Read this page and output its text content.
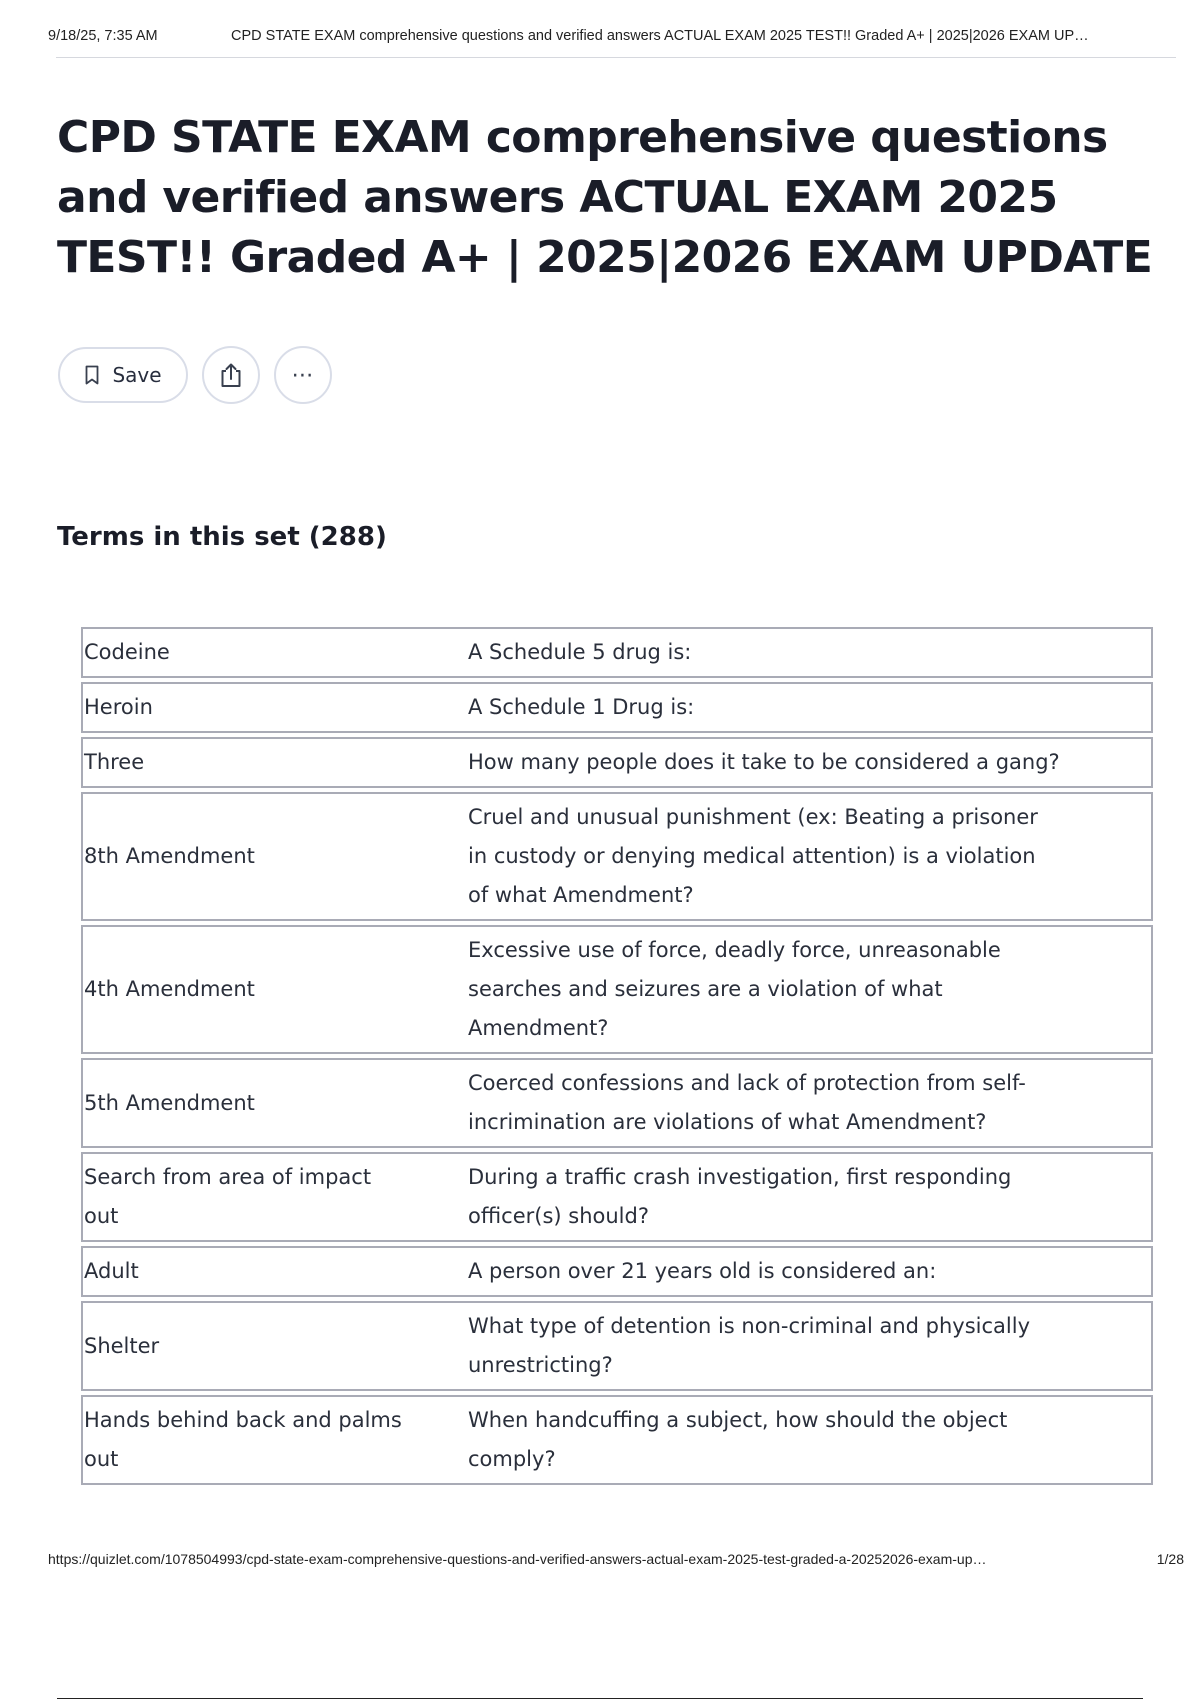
9/18/25, 7:35 AM	CPD STATE EXAM comprehensive questions and verified answers ACTUAL EXAM 2025 TEST!! Graded A+ | 2025|2026 EXAM UP…
CPD STATE EXAM comprehensive questions and verified answers ACTUAL EXAM 2025 TEST!! Graded A+ | 2025|2026 EXAM UPDATE
Save	⋯
Terms in this set (288)
Codeine	A Schedule 5 drug is:
Heroin	A Schedule 1 Drug is:
Three	How many people does it take to be considered a gang?
8th Amendment	Cruel and unusual punishment (ex: Beating a prisoner in custody or denying medical attention) is a violation of what Amendment?
4th Amendment	Excessive use of force, deadly force, unreasonable searches and seizures are a violation of what Amendment?
5th Amendment	Coerced confessions and lack of protection from self-incrimination are violations of what Amendment?
Search from area of impact out	During a traffic crash investigation, first responding officer(s) should?
Adult	A person over 21 years old is considered an:
Shelter	What type of detention is non-criminal and physically unrestricting?
Hands behind back and palms out	When handcuffing a subject, how should the object comply?
https://quizlet.com/1078504993/cpd-state-exam-comprehensive-questions-and-verified-answers-actual-exam-2025-test-graded-a-20252026-exam-up…	1/28
